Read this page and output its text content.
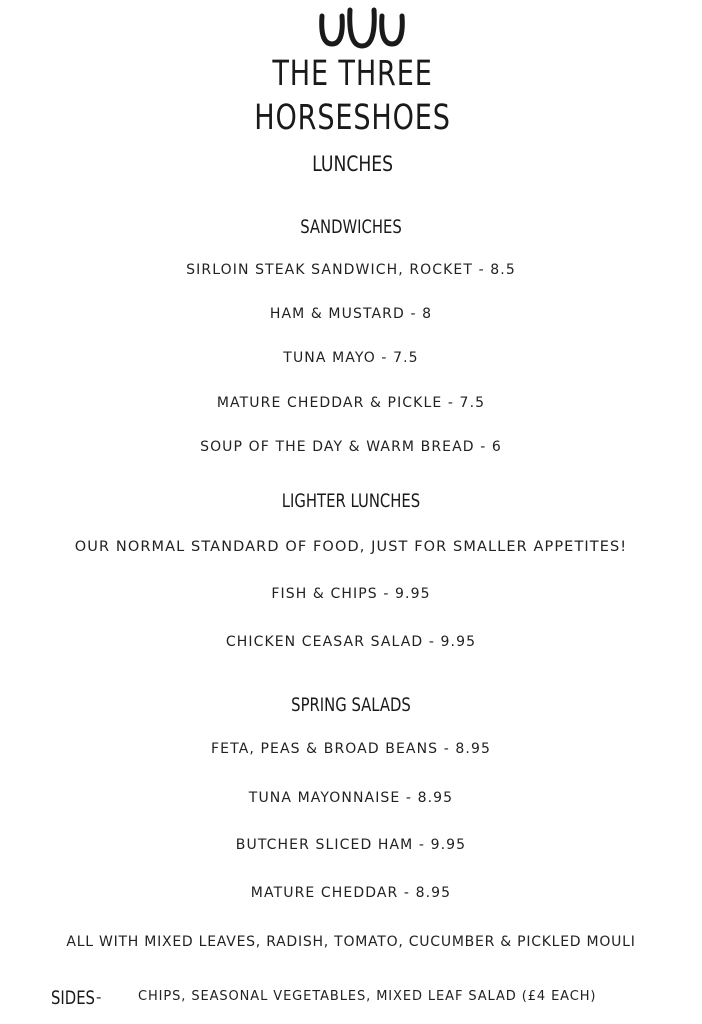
THE THREE
HORSESHOES
LUNCHES
SANDWICHES
SIRLOIN STEAK SANDWICH, ROCKET - 8.5
HAM & MUSTARD - 8
TUNA MAYO - 7.5
MATURE CHEDDAR & PICKLE - 7.5
SOUP OF THE DAY & WARM BREAD - 6
LIGHTER LUNCHES
OUR NORMAL STANDARD OF FOOD, JUST FOR SMALLER APPETITES!
FISH & CHIPS - 9.95
CHICKEN CEASAR SALAD - 9.95
SPRING SALADS
FETA, PEAS & BROAD BEANS - 8.95
TUNA MAYONNAISE - 8.95
BUTCHER SLICED HAM - 9.95
MATURE CHEDDAR - 8.95
ALL WITH MIXED LEAVES, RADISH, TOMATO, CUCUMBER & PICKLED MOULI
SIDES -	CHIPS, SEASONAL VEGETABLES, MIXED LEAF SALAD (£4 EACH)
